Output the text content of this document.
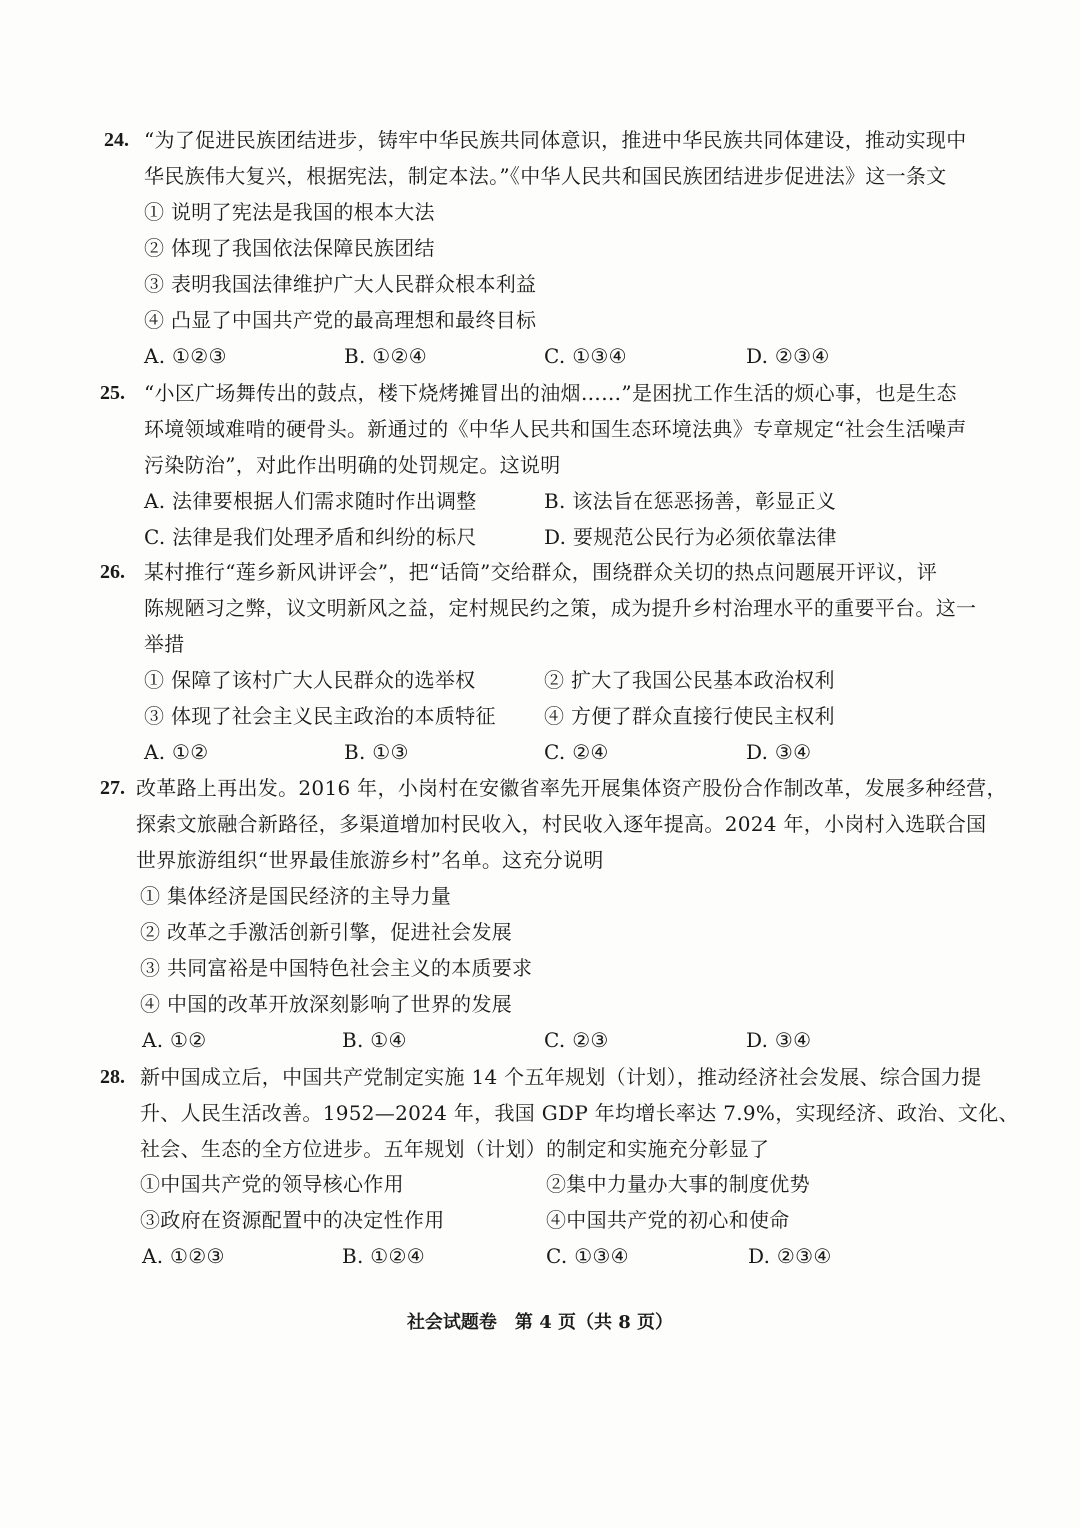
24. “为了促进民族团结进步，铸牢中华民族共同体意识，推进中华民族共同体建设，推动实现中
华民族伟大复兴，根据宪法，制定本法。”《中华人民共和国民族团结进步促进法》这一条文
① 说明了宪法是我国的根本大法
② 体现了我国依法保障民族团结
③ 表明我国法律维护广大人民群众根本利益
④ 凸显了中国共产党的最高理想和最终目标
A. ①②③	B. ①②④	C. ①③④	D. ②③④
25. “小区广场舞传出的鼓点，楼下烧烤摊冒出的油烟……”是困扰工作生活的烦心事，也是生态
环境领域难啃的硬骨头。新通过的《中华人民共和国生态环境法典》专章规定“社会生活噪声
污染防治”，对此作出明确的处罚规定。这说明
A. 法律要根据人们需求随时作出调整	B. 该法旨在惩恶扬善，彰显正义
C. 法律是我们处理矛盾和纠纷的标尺	D. 要规范公民行为必须依靠法律
26. 某村推行“莲乡新风讲评会”，把“话筒”交给群众，围绕群众关切的热点问题展开评议，评
陈规陋习之弊，议文明新风之益，定村规民约之策，成为提升乡村治理水平的重要平台。这一
举措
① 保障了该村广大人民群众的选举权	② 扩大了我国公民基本政治权利
③ 体现了社会主义民主政治的本质特征 ④ 方便了群众直接行使民主权利
A. ①②	B. ①③	C. ②④	D. ③④
27. 改革路上再出发。2016 年，小岗村在安徽省率先开展集体资产股份合作制改革，发展多种经营，
探索文旅融合新路径，多渠道增加村民收入，村民收入逐年提高。2024 年，小岗村入选联合国
世界旅游组织“世界最佳旅游乡村”名单。这充分说明
① 集体经济是国民经济的主导力量
② 改革之手激活创新引擎，促进社会发展
③ 共同富裕是中国特色社会主义的本质要求
④ 中国的改革开放深刻影响了世界的发展
A. ①②	B. ①④	C. ②③	D. ③④
28. 新中国成立后，中国共产党制定实施 14 个五年规划（计划），推动经济社会发展、综合国力提
升、人民生活改善。1952—2024 年，我国 GDP 年均增长率达 7.9%，实现经济、政治、文化、
社会、生态的全方位进步。五年规划（计划）的制定和实施充分彰显了
①中国共产党的领导核心作用	②集中力量办大事的制度优势
③政府在资源配置中的决定性作用	④中国共产党的初心和使命
A. ①②③	B. ①②④	C. ①③④	D. ②③④
社会试题卷　第 4 页（共 8 页）
